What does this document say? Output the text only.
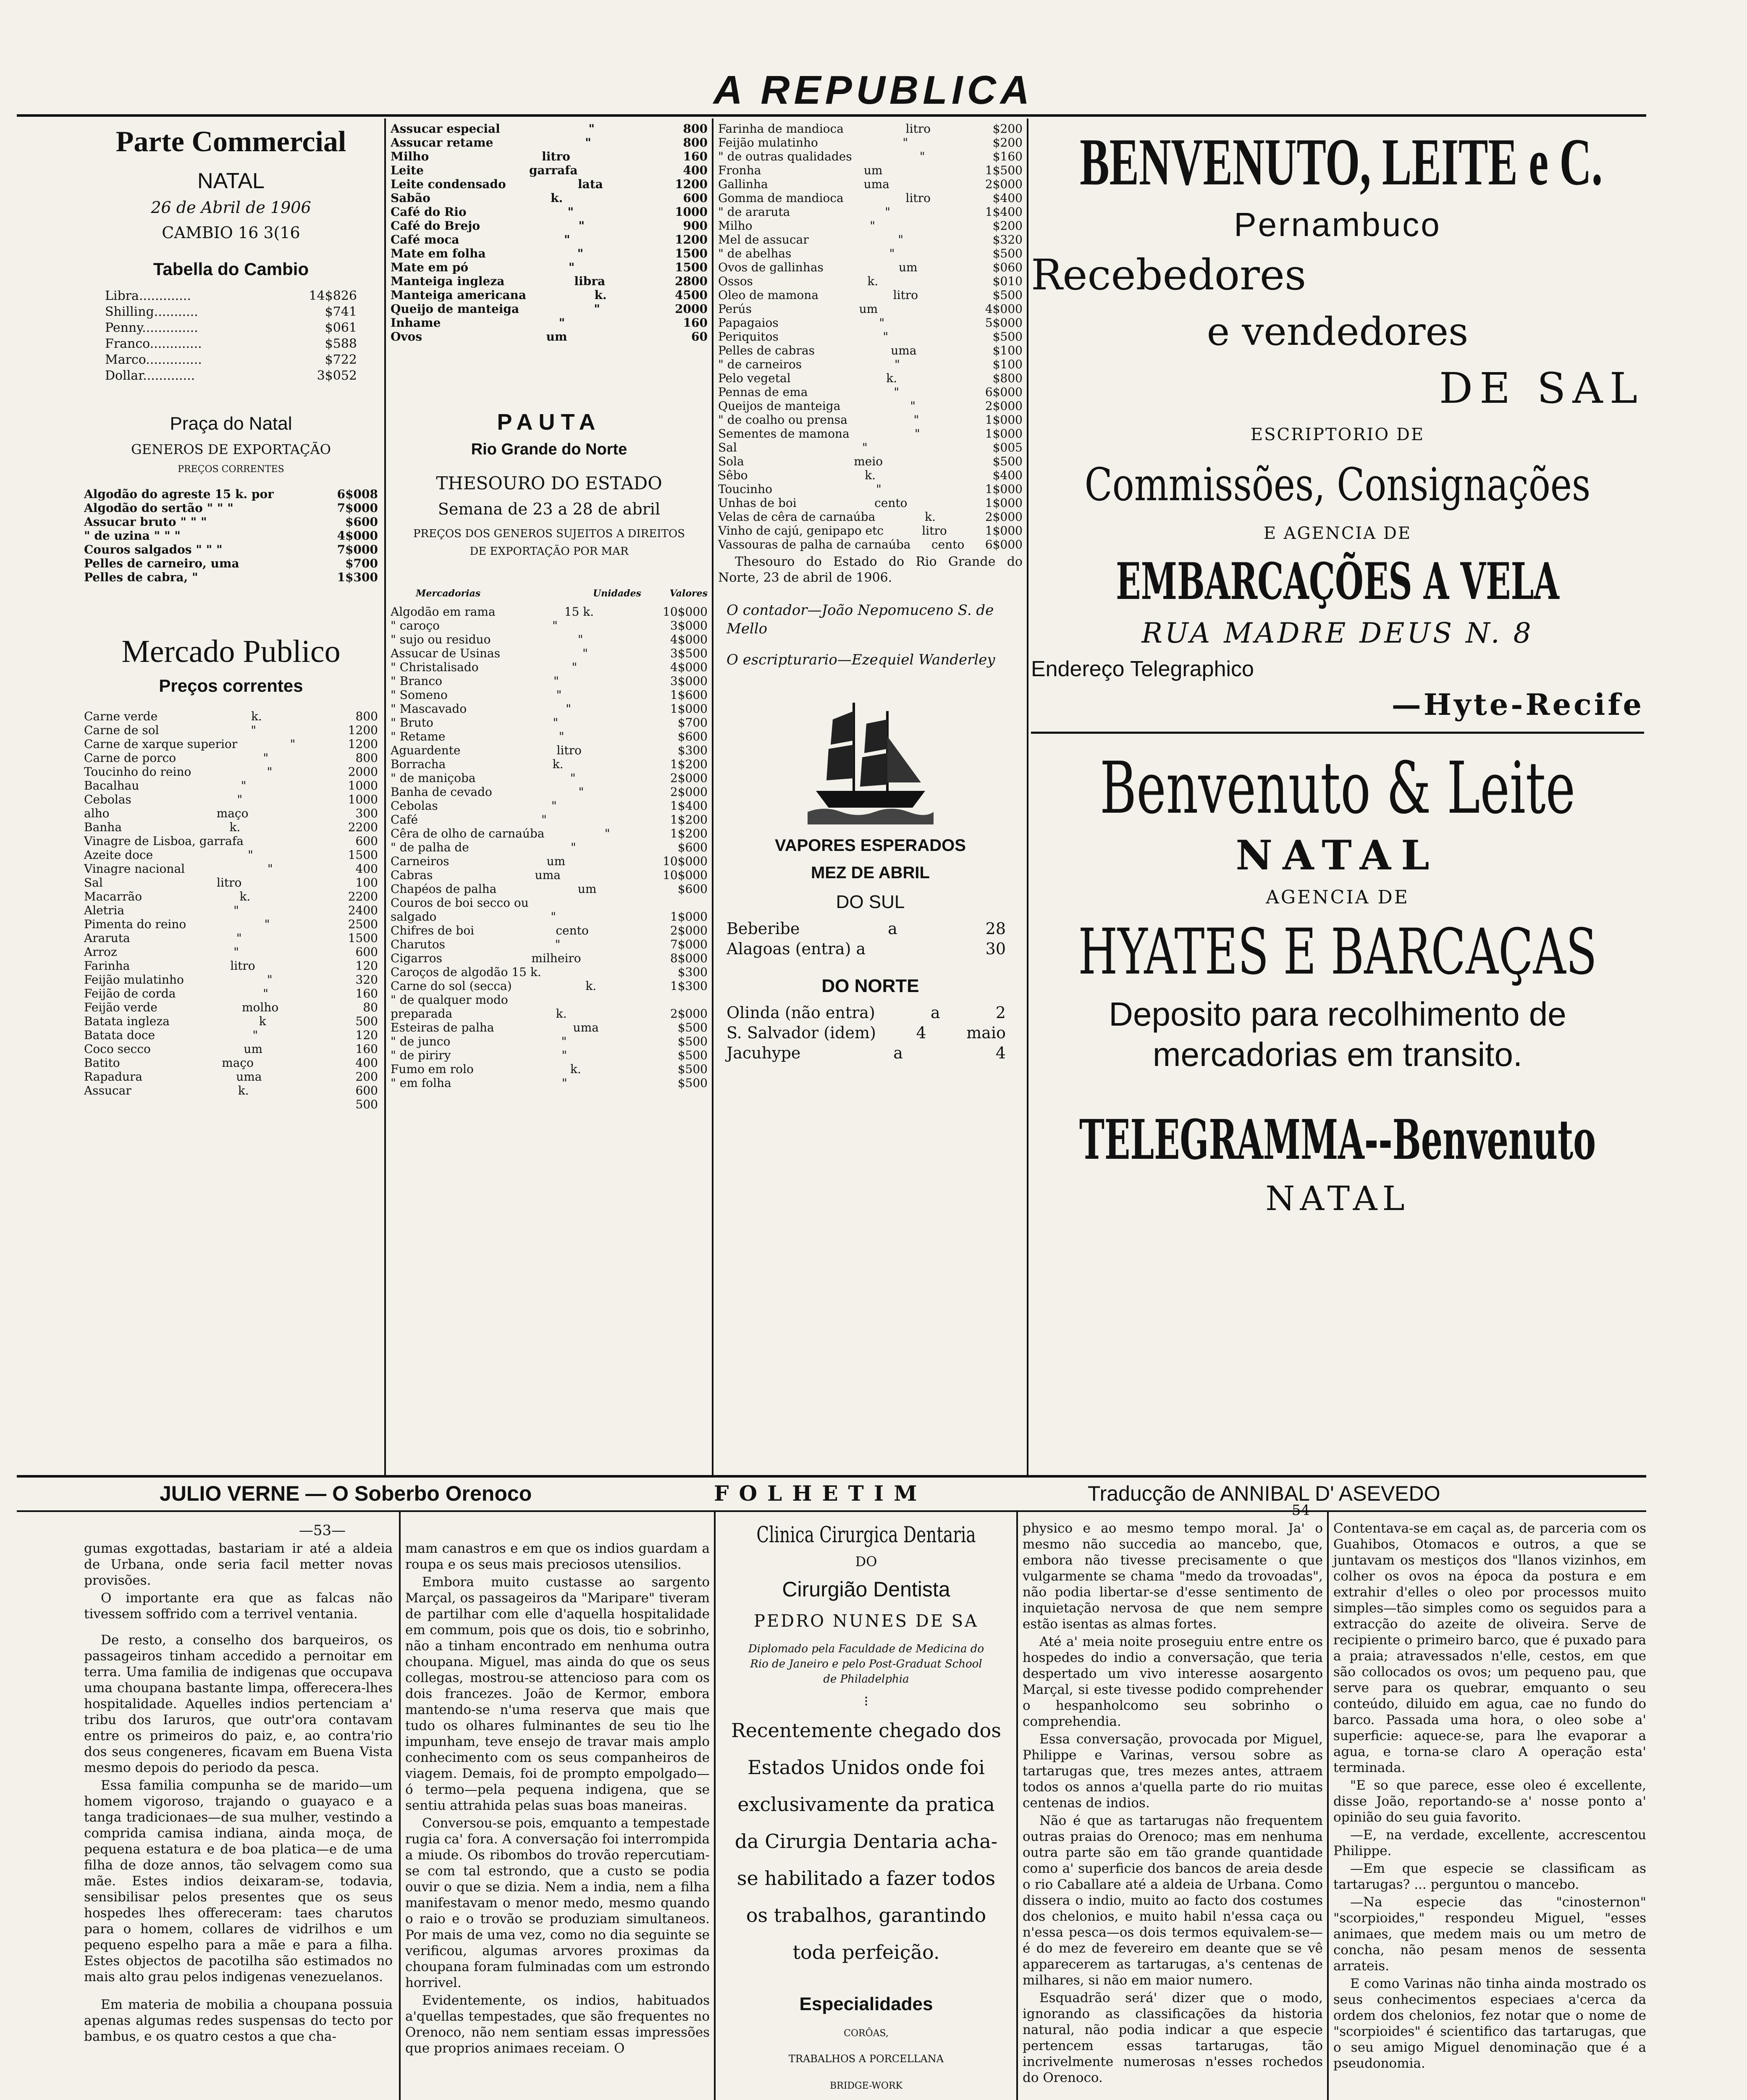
A REPUBLICA
Parte Commercial
NATAL
26 de Abril de 1906
CAMBIO 16 3(16
Tabella do Cambio
Libra.............	14$826
Shilling...........	$741
Penny..............	$061
Franco.............	$588
Marco..............	$722
Dollar.............	3$052
Praça do Natal
GENEROS DE EXPORTAÇÃO
PREÇOS CORRENTES
Algodão do agreste 15 k. por	6$008
Algodão do sertão " " "	7$000
Assucar bruto " " "	$600
" de uzina " " "	4$000
Couros salgados " " "	7$000
Pelles de carneiro, uma	$700
Pelles de cabra, "	1$300
Mercado Publico
Preços correntes
Carne verde	k.	800
Carne de sol	"	1200
Carne de xarque superior	"	1200
Carne de porco	"	800
Toucinho do reino	"	2000
Bacalhau	"	1000
Cebolas	"	1000
alho	maço	300
Banha	k.	2200
Vinagre de Lisboa, garrafa	600
Azeite doce	"	1500
Vinagre nacional	"	400
Sal	litro	100
Macarrão	k.	2200
Aletria	"	2400
Pimenta do reino	"	2500
Araruta	"	1500
Arroz	"	600
Farinha	litro	120
Feijão mulatinho	"	320
Feijão de corda	"	160
Feijão verde	molho	80
Batata ingleza	k	500
Batata doce	"	120
Coco secco	um	160
Batito	maço	400
Rapadura	uma	200
Assucar	k.	600
500
Assucar especial	"	800
Assucar retame	"	800
Milho	litro	160
Leite	garrafa	400
Leite condensado	lata	1200
Sabão	k.	600
Café do Rio	"	1000
Café do Brejo	"	900
Café moca	"	1200
Mate em folha	"	1500
Mate em pó	"	1500
Manteiga ingleza	libra	2800
Manteiga americana	k.	4500
Queijo de manteiga	"	2000
Inhame	"	160
Ovos	um	60
PAUTA
Rio Grande do Norte
THESOURO DO ESTADO
Semana de 23 a 28 de abril
PREÇOS DOS GENEROS SUJEITOS A DIREITOS DE EXPORTAÇÃO POR MAR
Mercadorias	Unidades	Valores
Algodão em rama	15 k.	10$000
" caroço	"	3$000
" sujo ou residuo	"	4$000
Assucar de Usinas	"	3$500
" Christalisado	"	4$000
" Branco	"	3$000
" Someno	"	1$600
" Mascavado	"	1$000
" Bruto	"	$700
" Retame	"	$600
Aguardente	litro	$300
Borracha	k.	1$200
" de maniçoba	"	2$000
Banha de cevado	"	2$000
Cebolas	"	1$400
Café	"	1$200
Cêra de olho de carnaúba	"	1$200
" de palha de	"	$600
Carneiros	um	10$000
Cabras	uma	10$000
Chapéos de palha	um	$600
Couros de boi secco ou
salgado	"	1$000
Chifres de boi	cento	2$000
Charutos	"	7$000
Cigarros	milheiro	8$000
Caroços de algodão 15 k.	$300
Carne do sol (secca)	k.	1$300
" de qualquer modo
preparada	k.	2$000
Esteiras de palha	uma	$500
" de junco	"	$500
" de piriry	"	$500
Fumo em rolo	k.	$500
" em folha	"	$500
Farinha de mandioca	litro	$200
Feijão mulatinho	"	$200
" de outras qualidades	"	$160
Fronha	um	1$500
Gallinha	uma	2$000
Gomma de mandioca	litro	$400
" de araruta	"	1$400
Milho	"	$200
Mel de assucar	"	$320
" de abelhas	"	$500
Ovos de gallinhas	um	$060
Ossos	k.	$010
Oleo de mamona	litro	$500
Perús	um	4$000
Papagaios	"	5$000
Periquitos	"	$500
Pelles de cabras	uma	$100
" de carneiros	"	$100
Pelo vegetal	k.	$800
Pennas de ema	"	6$000
Queijos de manteiga	"	2$000
" de coalho ou prensa	"	1$000
Sementes de mamona	"	1$000
Sal	"	$005
Sola	meio	$500
Sêbo	k.	$400
Toucinho	"	1$000
Unhas de boi	cento	1$000
Velas de cêra de carnaúba	k.	2$000
Vinho de cajú, genipapo etc	litro	1$000
Vassouras de palha de carnaúba cento 6$000
Thesouro do Estado do Rio Grande do Norte, 23 de abril de 1906.
O contador—João Nepomuceno S. de Mello
O escripturario—Ezequiel Wanderley
VAPORES ESPERADOS
MEZ DE ABRIL
DO SUL
Beberibe	a	28
Alagoas (entra) a	30
DO NORTE
Olinda (não entra)	a	2
S. Salvador (idem)	4	maio
Jacuhype	a	4
BENVENUTO, LEITE e C.
Pernambuco
Recebedores
e vendedores
DE SAL
ESCRIPTORIO DE
Commissões, Consignações
E AGENCIA DE
EMBARCAÇÕES A VELA
RUA MADRE DEUS N. 8
Endereço Telegraphico
—Hyte-Recife
Benvenuto & Leite
NATAL
AGENCIA DE
HYATES E BARCAÇAS
Deposito para recolhimento de mercadorias em transito.
TELEGRAMMA--Benvenuto
NATAL
JULIO VERNE — O Soberbo Orenoco	FOLHETIM	Traducção de ANNIBAL D' ASEVEDO
—53—

gumas exgottadas, bastariam ir até a aldeia de Urbana, onde seria facil metter novas provisões.

O importante era que as falcas não tivessem soffrido com a terrivel ventania.

De resto, a conselho dos barqueiros, os passageiros tinham accedido a pernoitar em terra. Uma familia de indigenas que occupava uma choupana bastante limpa, offerecera-lhes hospitalidade. Aquelles indios pertenciam a' tribu dos Iaruros, que outr'ora contavam entre os primeiros do paiz, e, ao contra'rio dos seus congeneres, ficavam em Buena Vista mesmo depois do periodo da pesca.

Essa familia compunha se de marido—um homem vigoroso, trajando o guayaco e a tanga tradicionaes—de sua mulher, vestindo a comprida camisa indiana, ainda moça, de pequena estatura e de boa platica—e de uma filha de doze annos, tão selvagem como sua mãe. Estes indios deixaram-se, todavia, sensibilisar pelos presentes que os seus hospedes lhes offereceram: taes charutos para o homem, collares de vidrilhos e um pequeno espelho para a mãe e para a filha. Estes objectos de pacotilha são estimados no mais alto grau pelos indigenas venezuelanos.

Em materia de mobilia a choupana possuia apenas algumas redes suspensas do tecto por bambus, e os quatro cestos a que cha-

mam canastros e em que os indios guardam a roupa e os seus mais preciosos utensilios.

Embora muito custasse ao sargento Marçal, os passageiros da "Maripare" tiveram de partilhar com elle d'aquella hospitalidade em commum, pois que os dois, tio e sobrinho, não a tinham encontrado em nenhuma outra choupana. Miguel, mas ainda do que os seus collegas, mostrou-se attencioso para com os dois francezes. João de Kermor, embora mantendo-se n'uma reserva que mais que tudo os olhares fulminantes de seu tio lhe impunham, teve ensejo de travar mais amplo conhecimento com os seus companheiros de viagem. Demais, foi de prompto empolgado—ó termo—pela pequena indigena, que se sentiu attrahida pelas suas boas maneiras.

Conversou-se pois, emquanto a tempestade rugia ca' fora. A conversação foi interrompida a miude. Os ribombos do trovão repercutiam-se com tal estrondo, que a custo se podia ouvir o que se dizia. Nem a india, nem a filha manifestavam o menor medo, mesmo quando o raio e o trovão se produziam simultaneos. Por mais de uma vez, como no dia seguinte se verificou, algumas arvores proximas da choupana foram fulminadas com um estrondo horrivel.

Evidentemente, os indios, habituados a'quellas tempestades, que são frequentes no Orenoco, não nem sentiam essas impressões que proprios animaes receiam. O

Clinica Cirurgica Dentaria
DO
Cirurgião Dentista
PEDRO NUNES DE SA
Diplomado pela Faculdade de Medicina do Rio de Janeiro e pelo Post-Graduat School de Philadelphia
⁝
Recentemente chegado dos Estados Unidos onde foi exclusivamente da pratica da Cirurgia Dentaria acha-se habilitado a fazer todos os trabalhos, garantindo toda perfeição.
Especialidades
CORÔAS,
TRABALHOS A PORCELLANA
BRIDGE-WORK

physico e ao mesmo tempo moral. Ja' o mesmo não succedia ao mancebo, que, embora não tivesse precisamente o que vulgarmente se chama "medo da trovoadas", não podia libertar-se d'esse sentimento de inquietação nervosa de que nem sempre estão isentas as almas fortes.

Até a' meia noite proseguiu entre entre os hospedes do indio a conversação, que teria despertado um vivo interesse aosargento Marçal, si este tivesse podido comprehender o hespanholcomo seu sobrinho o comprehendia.

Essa conversação, provocada por Miguel, Philippe e Varinas, versou sobre as tartarugas que, tres mezes antes, attraem todos os annos a'quella parte do rio muitas centenas de indios.

Não é que as tartarugas não frequentem outras praias do Orenoco; mas em nenhuma outra parte são em tão grande quantidade como a' superficie dos bancos de areia desde o rio Caballare até a aldeia de Urbana. Como dissera o indio, muito ao facto dos costumes dos chelonios, e muito habil n'essa caça ou n'essa pesca—os dois termos equivalem-se—é do mez de fevereiro em deante que se vê apparecerem as tartarugas, a's centenas de milhares, si não em maior numero.

Esquadrão será' dizer que o modo, ignorando as classificações da historia natural, não podia indicar a que especie pertencem essas tartarugas, tão incrivelmente numerosas n'esses rochedos do Orenoco.

—54—

Contentava-se em caçal as, de parceria com os Guahibos, Otomacos e outros, a que se juntavam os mestiços dos "llanos vizinhos, em colher os ovos na época da postura e em extrahir d'elles o oleo por processos muito simples—tão simples como os seguidos para a extracção do azeite de oliveira. Serve de recipiente o primeiro barco, que é puxado para a praia; atravessados n'elle, cestos, em que são collocados os ovos; um pequeno pau, que serve para os quebrar, emquanto o seu conteúdo, diluido em agua, cae no fundo do barco. Passada uma hora, o oleo sobe a' superficie: aquece-se, para lhe evaporar a agua, e torna-se claro A operação esta' terminada.

"E so que parece, esse oleo é excellente, disse João, reportando-se a' nosse ponto a' opinião do seu guia favorito.

—E, na verdade, excellente, accrescentou Philippe.

—Em que especie se classificam as tartarugas? ... perguntou o mancebo.

—Na especie das "cinosternon" "scorpioides," respondeu Miguel, "esses animaes, que medem mais ou um metro de concha, não pesam menos de sessenta arrateis.

E como Varinas não tinha ainda mostrado os seus conhecimentos especiaes a'cerca da ordem dos chelonios, fez notar que o nome de "scorpioides" é scientifico das tartarugas, que o seu amigo Miguel denominação que é a pseudonomia.
